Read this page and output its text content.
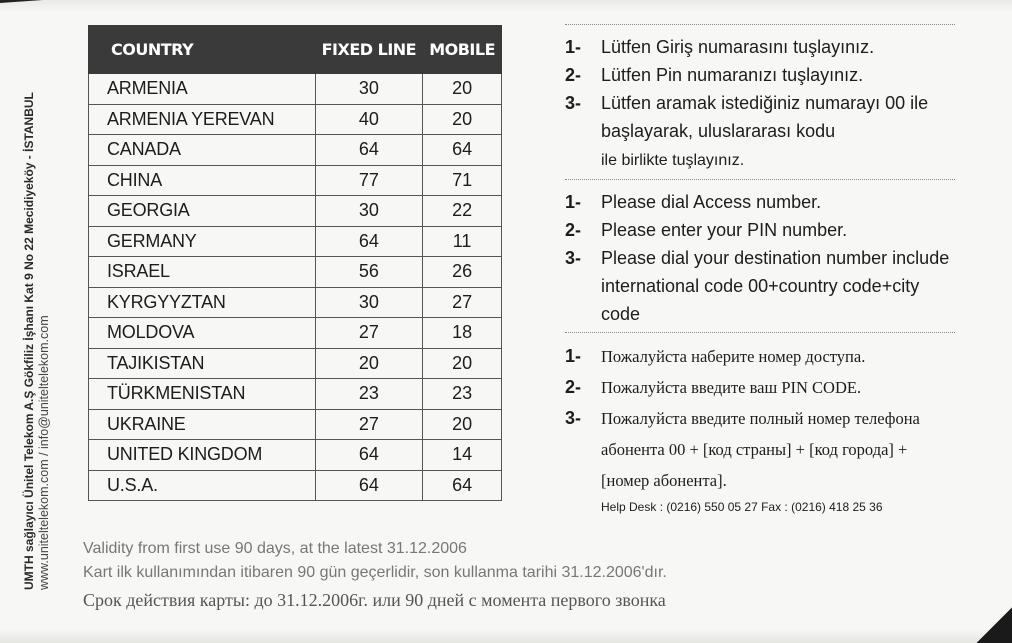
UMTH sağlayıcı Ünitel Telekom A.Ş Gökfiliz İşhanı Kat 9 No 22 Mecidiyeköy - İSTANBUL www.uniteltelekom.com / info@uniteltelekom.com
COUNTRY	FIXED LINE	MOBILE
ARMENIA	30	20
ARMENIA YEREVAN	40	20
CANADA	64	64
CHINA	77	71
GEORGIA	30	22
GERMANY	64	11
ISRAEL	56	26
KYRGYYZTAN	30	27
MOLDOVA	27	18
TAJIKISTAN	20	20
TÜRKMENISTAN	23	23
UKRAINE	27	20
UNITED KINGDOM	64	14
U.S.A.	64	64
1-	Lütfen Giriş numarasını tuşlayınız.
2-	Lütfen Pin numaranızı tuşlayınız.
3-	Lütfen aramak istediğiniz numarayı 00 ile başlayarak, uluslararası kodu
ile birlikte tuşlayınız.
1-	Please dial Access number.
2-	Please enter your PIN number.
3-	Please dial your destination number include international code 00+country code+city code
1-	Пожалуйста наберите номер доступа.
2-	Пожалуйста введите ваш PIN CODE.
3-	Пожалуйста введите полный номер телефона абонента 00 + [код страны] + [код города] + [номер абонента].
Help Desk : (0216) 550 05 27 Fax : (0216) 418 25 36
Validity from first use 90 days, at the latest 31.12.2006
Kart ilk kullanımından itibaren 90 gün geçerlidir, son kullanma tarihi 31.12.2006'dır.
Срок действия карты: до 31.12.2006г. или 90 дней с момента первого звонка
